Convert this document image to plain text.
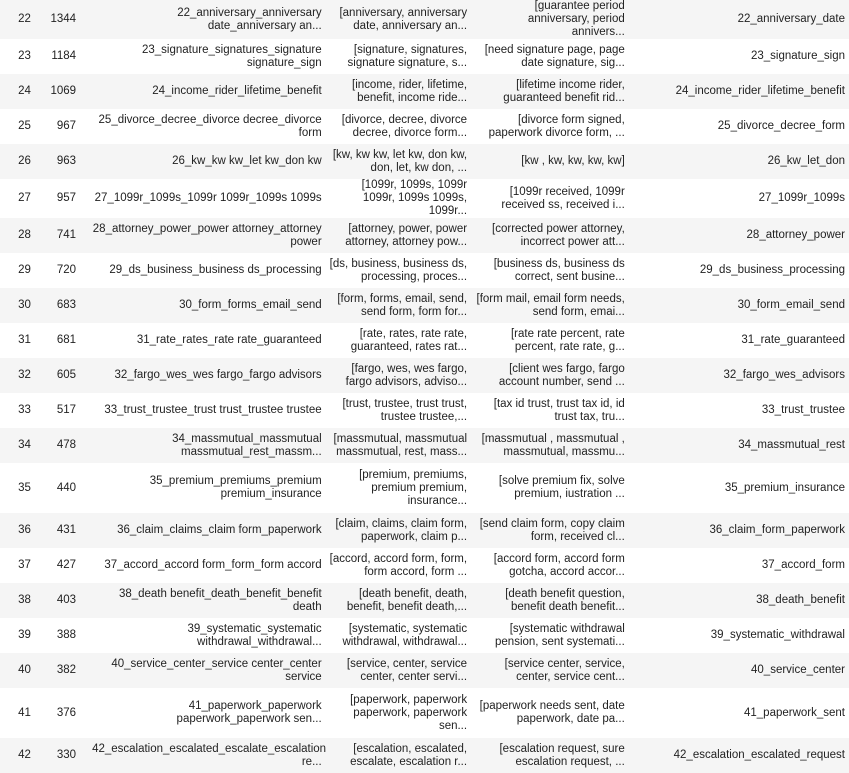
22	1344	22_anniversary_anniversary date_anniversary an...	[anniversary, anniversary date, anniversary an...	[guarantee period anniversary, period annivers...	22_anniversary_date

23	1184	23_signature_signatures_signature signature_sign	[signature, signatures, signature signature, s...	[need signature page, page date signature, sig...	23_signature_sign

24	1069	24_income_rider_lifetime_benefit	[income, rider, lifetime, benefit, income ride...	[lifetime income rider, guaranteed benefit rid...	24_income_rider_lifetime_benefit

25	967	25_divorce_decree_divorce decree_divorce form	[divorce, decree, divorce decree, divorce form...	[divorce form signed, paperwork divorce form, ...	25_divorce_decree_form

26	963	26_kw_kw kw_let kw_don kw	[kw, kw kw, let kw, don kw, don, let, kw don, ...	[kw , kw, kw, kw, kw]	26_kw_let_don

27	957	27_1099r_1099s_1099r 1099r_1099s 1099s	[1099r, 1099s, 1099r 1099r, 1099s 1099s, 1099r...	[1099r received, 1099r received ss, received i...	27_1099r_1099s

28	741	28_attorney_power_power attorney_attorney power	[attorney, power, power attorney, attorney pow...	[corrected power attorney, incorrect power att...	28_attorney_power

29	720	29_ds_business_business ds_processing	[ds, business, business ds, processing, proces...	[business ds, business ds correct, sent busine...	29_ds_business_processing

30	683	30_form_forms_email_send	[form, forms, email, send, send form, form for...	[form mail, email form needs, send form, emai...	30_form_email_send

31	681	31_rate_rates_rate rate_guaranteed	[rate, rates, rate rate, guaranteed, rates rat...	[rate rate percent, rate percent, rate rate, g...	31_rate_guaranteed

32	605	32_fargo_wes_wes fargo_fargo advisors	[fargo, wes, wes fargo, fargo advisors, adviso...	[client wes fargo, fargo account number, send ...	32_fargo_wes_advisors

33	517	33_trust_trustee_trust trust_trustee trustee	[trust, trustee, trust trust, trustee trustee,...	[tax id trust, trust tax id, id trust tax, tru...	33_trust_trustee

34	478	34_massmutual_massmutual massmutual_rest_massm...	[massmutual, massmutual massmutual, rest, mass...	[massmutual , massmutual , massmutual, massmu...	34_massmutual_rest

35	440	35_premium_premiums_premium premium_insurance	[premium, premiums, premium premium, insurance...	[solve premium fix, solve premium, iustration ...	35_premium_insurance

36	431	36_claim_claims_claim form_paperwork	[claim, claims, claim form, paperwork, claim p...	[send claim form, copy claim form, received cl...	36_claim_form_paperwork

37	427	37_accord_accord form_form_form accord	[accord, accord form, form, form accord, form ...	[accord form, accord form gotcha, accord accor...	37_accord_form

38	403	38_death benefit_death_benefit_benefit death	[death benefit, death, benefit, benefit death,...	[death benefit question, benefit death benefit...	38_death_benefit

39	388	39_systematic_systematic withdrawal_withdrawal...	[systematic, systematic withdrawal, withdrawal...	[systematic withdrawal pension, sent systemati...	39_systematic_withdrawal

40	382	40_service_center_service center_center service	[service, center, service center, center servi...	[service center, service, center, service cent...	40_service_center

41	376	41_paperwork_paperwork paperwork_paperwork sen...	[paperwork, paperwork paperwork, paperwork sen...	[paperwork needs sent, date paperwork, date pa...	41_paperwork_sent

42	330	42_escalation_escalated_escalate_escalation re...	[escalation, escalated, escalate, escalation r...	[escalation request, sure escalation request, ...	42_escalation_escalated_request
